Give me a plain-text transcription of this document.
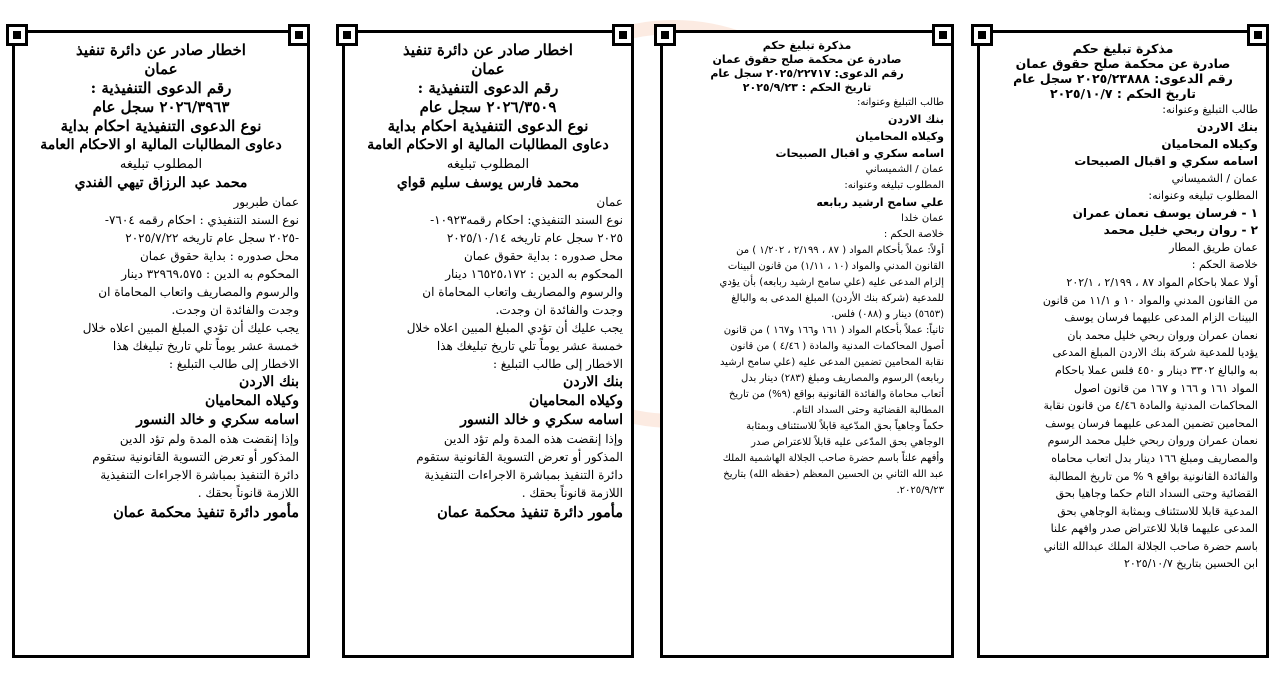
اخطار صادر عن دائرة تنفيذ
عمان
رقم الدعوى التنفيذية :
٢٠٢٦/٣٩٦٣ سجل عام
نوع الدعوى التنفيذية احكام بداية
دعاوى المطالبات المالية او الاحكام العامة
المطلوب تبليغه
محمد عبد الرزاق تيهي الفندي
عمان طبربور
نوع السند التنفيذي : احكام رقمه ٧٦٠٤-
-٢٠٢٥ سجل عام تاريخه ٢٠٢٥/٧/٢٢
محل صدوره : بداية حقوق عمان
المحكوم به الدين : ٣٢٩٦٩،٥٧٥ دينار
والرسوم والمصاريف واتعاب المحاماة ان
وجدت والفائدة ان وجدت.
يجب عليك أن تؤدي المبلغ المبين اعلاه خلال
خمسة عشر يوماً تلي تاريخ تبليغك هذا
الاخطار إلى طالب التبليغ :
بنك الاردن
وكيلاه المحاميان
اسامه سكري و خالد النسور
وإذا إنقضت هذه المدة ولم تؤد الدين
المذكور أو تعرض التسوية القانونية ستقوم
دائرة التنفيذ بمباشرة الاجراءات التنفيذية
اللازمة قانوناً بحقك .
مأمور دائرة تنفيذ محكمة عمان
اخطار صادر عن دائرة تنفيذ
عمان
رقم الدعوى التنفيذية :
٢٠٢٦/٣٥٠٩ سجل عام
نوع الدعوى التنفيذية احكام بداية
دعاوى المطالبات المالية او الاحكام العامة
المطلوب تبليغه
محمد فارس يوسف سليم قواي
عمان
نوع السند التنفيذي: احكام رقمه١٠٩٢٣-
٢٠٢٥ سجل عام تاريخه ٢٠٢٥/١٠/١٤
محل صدوره : بداية حقوق عمان
المحكوم به الدين : ١٦٥٢٥،١٧٢ دينار
والرسوم والمصاريف واتعاب المحاماة ان
وجدت والفائدة ان وجدت.
يجب عليك أن تؤدي المبلغ المبين اعلاه خلال
خمسة عشر يوماً تلي تاريخ تبليغك هذا
الاخطار إلى طالب التبليغ :
بنك الاردن
وكيلاه المحاميان
اسامه سكري و خالد النسور
وإذا إنقضت هذه المدة ولم تؤد الدين
المذكور أو تعرض التسوية القانونية ستقوم
دائرة التنفيذ بمباشرة الاجراءات التنفيذية
اللازمة قانوناً بحقك .
مأمور دائرة تنفيذ محكمة عمان
مذكرة تبليغ حكم
صادرة عن محكمة صلح حقوق عمان
رقم الدعوى: ٢٠٢٥/٢٢٧١٧ سجل عام
تاريخ الحكم : ٢٠٢٥/٩/٢٣
طالب التبليغ وعنوانه:
بنك الاردن
وكيلاه المحاميان
اسامه سكري و اقبال الصبيحات
عمان / الشميساني
المطلوب تبليغه وعنوانه:
علي سامح ارشيد ربابعه
عمان خلدا
خلاصة الحكم :
أولاً: عملاً بأحكام المواد ( ٨٧ ، ٢/١٩٩ ، ١/٢٠٢ ) من
القانون المدني والمواد (١٠ ، ١/١١) من قانون البينات
إلزام المدعى عليه (علي سامح ارشيد ربابعه) بأن يؤدي
للمدعية (شركة بنك الأردن) المبلغ المدعى به والبالغ
(٥٦٥٣) دينار و (٠٨٨) فلس.
ثانياً: عملاً بأحكام المواد ( ١٦١ و١٦٦ و١٦٧ ) من قانون
أصول المحاكمات المدنية والمادة ( ٤/٤٦ ) من قانون
نقابة المحامين تضمين المدعى عليه (علي سامح ارشيد
ربابعه) الرسوم والمصاريف ومبلغ (٢٨٣) دينار بدل
أتعاب محاماة والفائدة القانونية بواقع (٩%) من تاريخ
المطالبة القضائية وحتى السداد التام.
حكماً وجاهياً بحق المدّعية قابلاً للاستئناف وبمثابة
الوجاهي بحق المدّعى عليه قابلاً للاعتراض صدر
وأفهم علناً باسم حضرة صاحب الجلالة الهاشمية الملك
عبد الله الثاني بن الحسين المعظم (حفظه الله) بتاريخ
٢٠٢٥/٩/٢٣.
مذكرة تبليغ حكم
صادرة عن محكمة صلح حقوق عمان
رقم الدعوى: ٢٠٢٥/٢٣٨٨٨ سجل عام
تاريخ الحكم : ٢٠٢٥/١٠/٧
طالب التبليغ وعنوانه:
بنك الاردن
وكيلاه المحاميان
اسامه سكري و اقبال الصبيحات
عمان / الشميساني
المطلوب تبليغه وعنوانه:
١ - فرسان يوسف نعمان عمران
٢ - روان ربحي خليل محمد
عمان طريق المطار
خلاصة الحكم :
أولا عملا باحكام المواد ٨٧ ، ٢/١٩٩ ، ٢٠٢/١
من القانون المدني والمواد ١٠ و ١١/١ من قانون
البينات الزام المدعى عليهما فرسان يوسف
نعمان عمران وروان ربحي خليل محمد بان
يؤديا للمدعية شركة بنك الاردن المبلغ المدعى
به والبالغ ٣٣٠٢ دينار و ٤٥٠ فلس عملا باحكام
المواد ١٦١ و ١٦٦ و ١٦٧ من قانون اصول
المحاكمات المدنية والمادة ٤/٤٦ من قانون نقابة
المحامين تضمين المدعى عليهما فرسان يوسف
نعمان عمران وروان ربحي خليل محمد الرسوم
والمصاريف ومبلغ ١٦٦ دينار بدل اتعاب محاماه
والفائدة القانونية بواقع ٩ % من تاريخ المطالبة
القضائية وحتى السداد التام حكما وجاهيا بحق
المدعية قابلا للاستئناف وبمثابة الوجاهي بحق
المدعى عليهما قابلا للاعتراض صدر وافهم علنا
باسم حضرة صاحب الجلالة الملك عبدالله الثاني
ابن الحسين بتاريخ ٢٠٢٥/١٠/٧
